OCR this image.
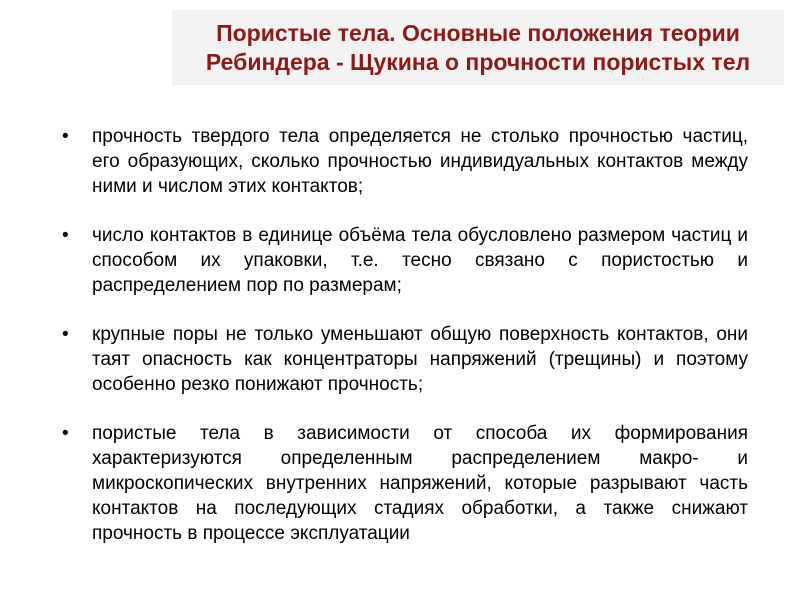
Пористые тела. Основные положения теории
Ребиндера - Щукина о прочности пористых тел
• прочность твердого тела определяется не столько прочностью частиц, его образующих, сколько прочностью индивидуальных контактов между ними и числом этих контактов;
• число контактов в единице объёма тела обусловлено размером частиц и способом их упаковки, т.е. тесно связано с пористостью и распределением пор по размерам;
• крупные поры не только уменьшают общую поверхность контактов, они таят опасность как концентраторы напряжений (трещины) и поэтому особенно резко понижают прочность;
• пористые тела в зависимости от способа их формирования характеризуются определенным распределением макро- и микроскопических внутренних напряжений, которые разрывают часть контактов на последующих стадиях обработки, а также снижают прочность в процессе эксплуатации
